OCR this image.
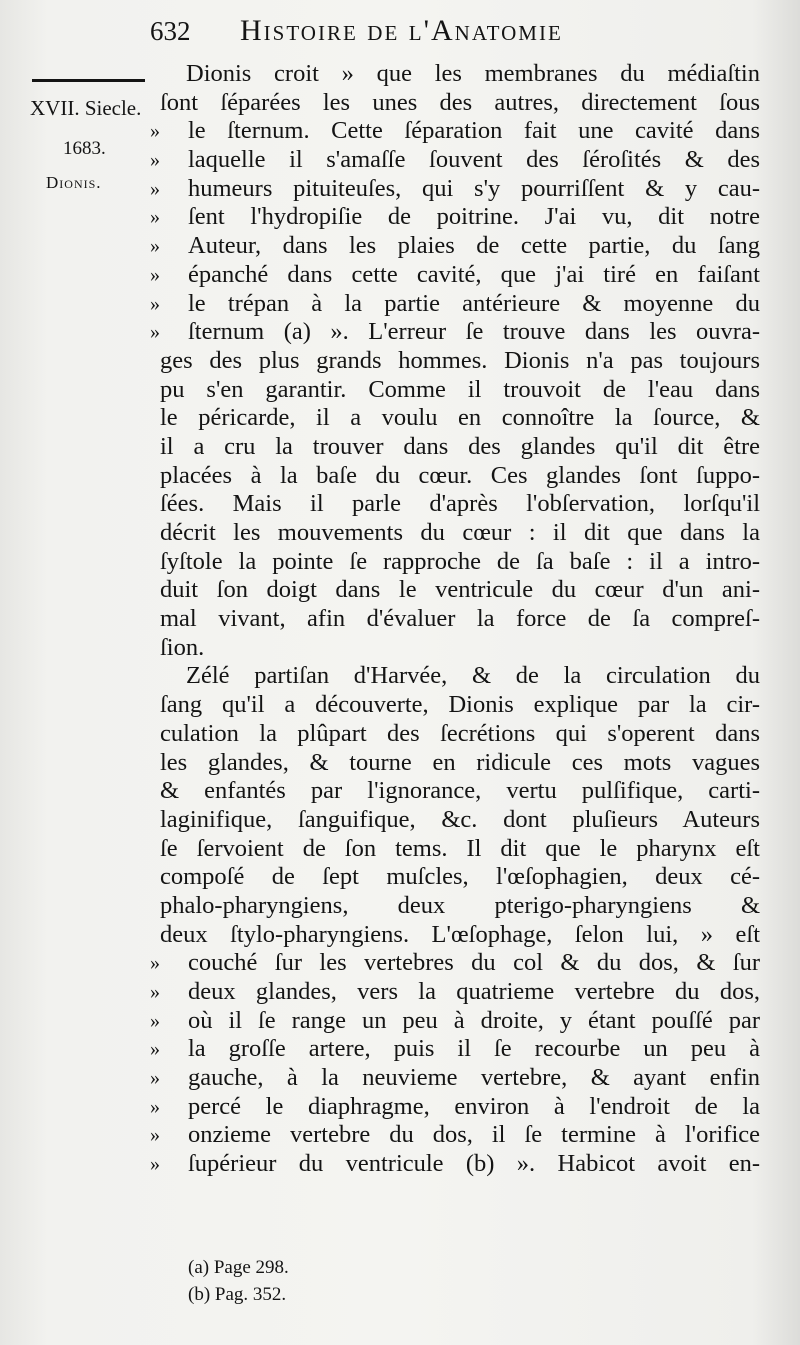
632 Histoire de l'Anatomie
XVII. Siecle.
1683.
Dionis.
Dionis croit » que les membranes du médiaſtin
ſont ſéparées les unes des autres, directement ſous
»	le ſternum. Cette ſéparation fait une cavité dans
»	laquelle il s'amaſſe ſouvent des ſéroſités & des
»	humeurs pituiteuſes, qui s'y pourriſſent & y cau-
»	ſent l'hydropiſie de poitrine. J'ai vu, dit notre
»	Auteur, dans les plaies de cette partie, du ſang
»	épanché dans cette cavité, que j'ai tiré en faiſant
»	le trépan à la partie antérieure & moyenne du
»	ſternum (a) ». L'erreur ſe trouve dans les ouvra-
ges des plus grands hommes. Dionis n'a pas toujours
pu s'en garantir. Comme il trouvoit de l'eau dans
le péricarde, il a voulu en connoître la ſource, &
il a cru la trouver dans des glandes qu'il dit être
placées à la baſe du cœur. Ces glandes ſont ſuppo-
ſées. Mais il parle d'après l'obſervation, lorſqu'il
décrit les mouvements du cœur : il dit que dans la
ſyſtole la pointe ſe rapproche de ſa baſe : il a intro-
duit ſon doigt dans le ventricule du cœur d'un ani-
mal vivant, afin d'évaluer la force de ſa compreſ-
ſion.
Zélé partiſan d'Harvée, & de la circulation du
ſang qu'il a découverte, Dionis explique par la cir-
culation la plûpart des ſecrétions qui s'operent dans
les glandes, & tourne en ridicule ces mots vagues
& enfantés par l'ignorance, vertu pulſifique, carti-
laginifique, ſanguifique, &c. dont pluſieurs Auteurs
ſe ſervoient de ſon tems. Il dit que le pharynx eſt
compoſé de ſept muſcles, l'œſophagien, deux cé-
phalo-pharyngiens, deux pterigo-pharyngiens &
deux ſtylo-pharyngiens. L'œſophage, ſelon lui, » eſt
»	couché ſur les vertebres du col & du dos, & ſur
»	deux glandes, vers la quatrieme vertebre du dos,
»	où il ſe range un peu à droite, y étant pouſſé par
»	la groſſe artere, puis il ſe recourbe un peu à
»	gauche, à la neuvieme vertebre, & ayant enfin
»	percé le diaphragme, environ à l'endroit de la
»	onzieme vertebre du dos, il ſe termine à l'orifice
»	ſupérieur du ventricule (b) ». Habicot avoit en-
(a) Page 298.
(b) Pag. 352.
